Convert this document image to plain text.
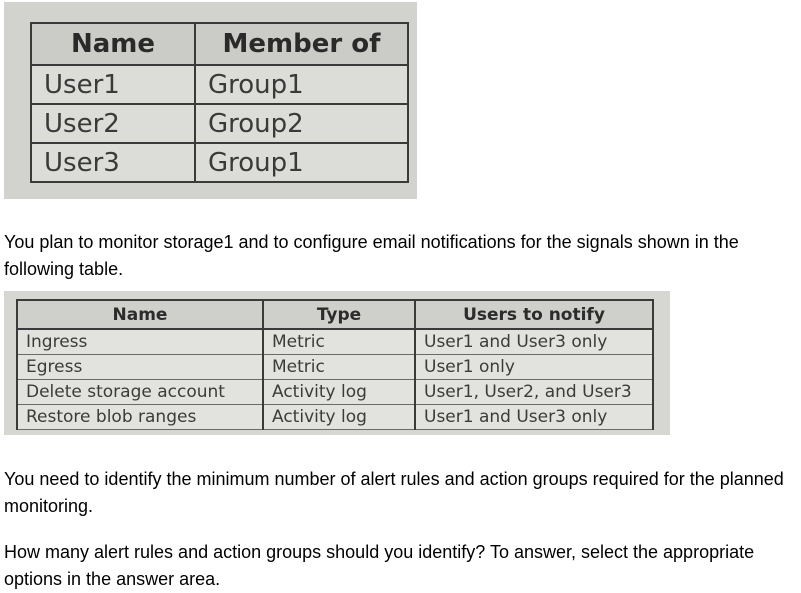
Name	Member of
User1	Group1
User2	Group2
User3	Group1

You plan to monitor storage1 and to configure email notifications for the signals shown in the following table.

Name	Type	Users to notify
Ingress	Metric	User1 and User3 only
Egress	Metric	User1 only
Delete storage account	Activity log	User1, User2, and User3
Restore blob ranges	Activity log	User1 and User3 only

You need to identify the minimum number of alert rules and action groups required for the planned monitoring.

How many alert rules and action groups should you identify? To answer, select the appropriate options in the answer area.
